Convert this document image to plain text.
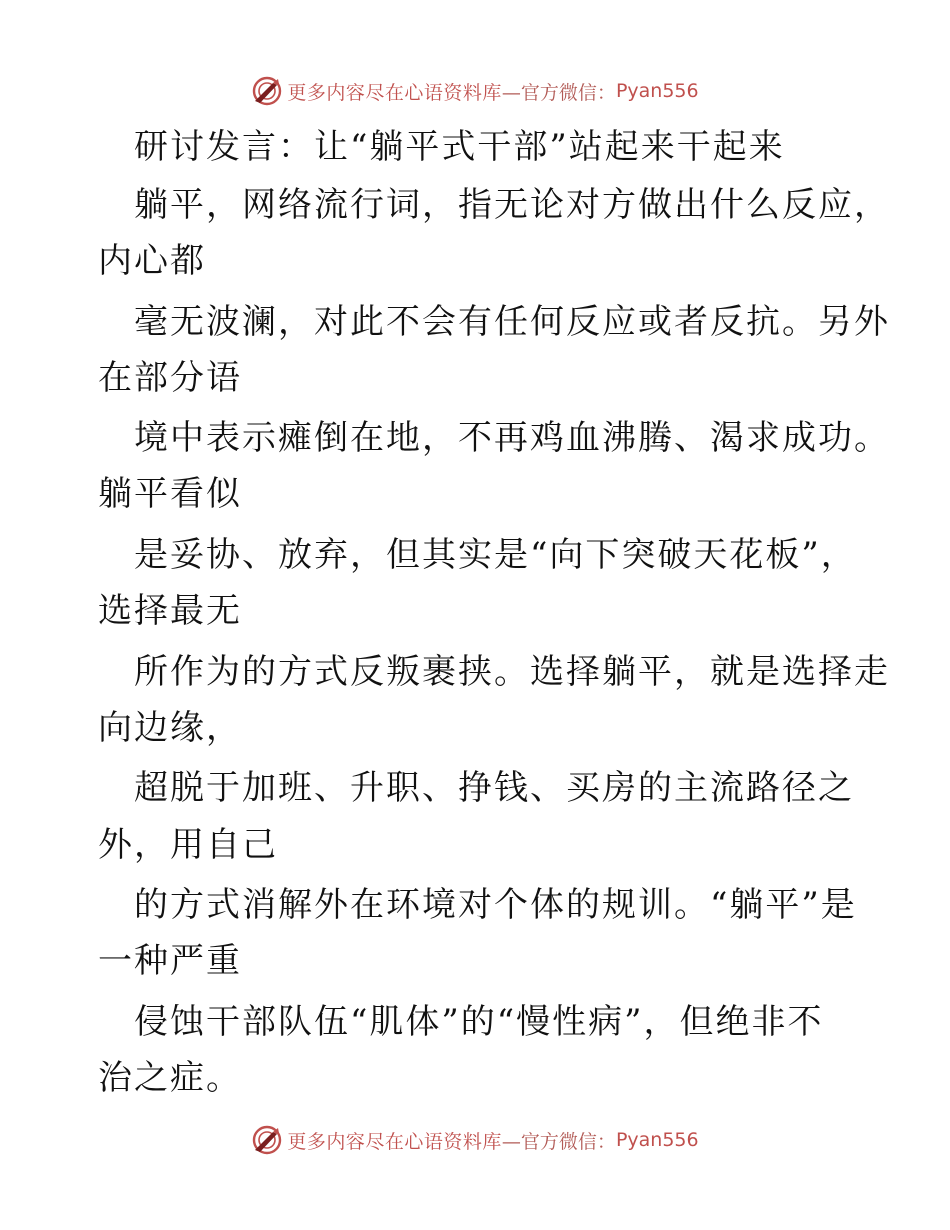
更多内容尽在心语资料库 —官方微信： Pyan556
研讨发言：让“躺平式干部”站起来干起来
躺平，网络流行词，指无论对方做出什么反应，
内心都
毫无波澜，对此不会有任何反应或者反抗。另外
在部分语
境中表示瘫倒在地，不再鸡血沸腾、渴求成功。
躺平看似
是妥协、放弃，但其实是“向下突破天花板”，
选择最无
所作为的方式反叛裹挟。选择躺平，就是选择走
向边缘，
超脱于加班、升职、挣钱、买房的主流路径之
外，用自己
的方式消解外在环境对个体的规训。“躺平”是
一种严重
侵蚀干部队伍“肌体”的“慢性病”，但绝非不
治之症。
更多内容尽在心语资料库 —官方微信： Pyan556
